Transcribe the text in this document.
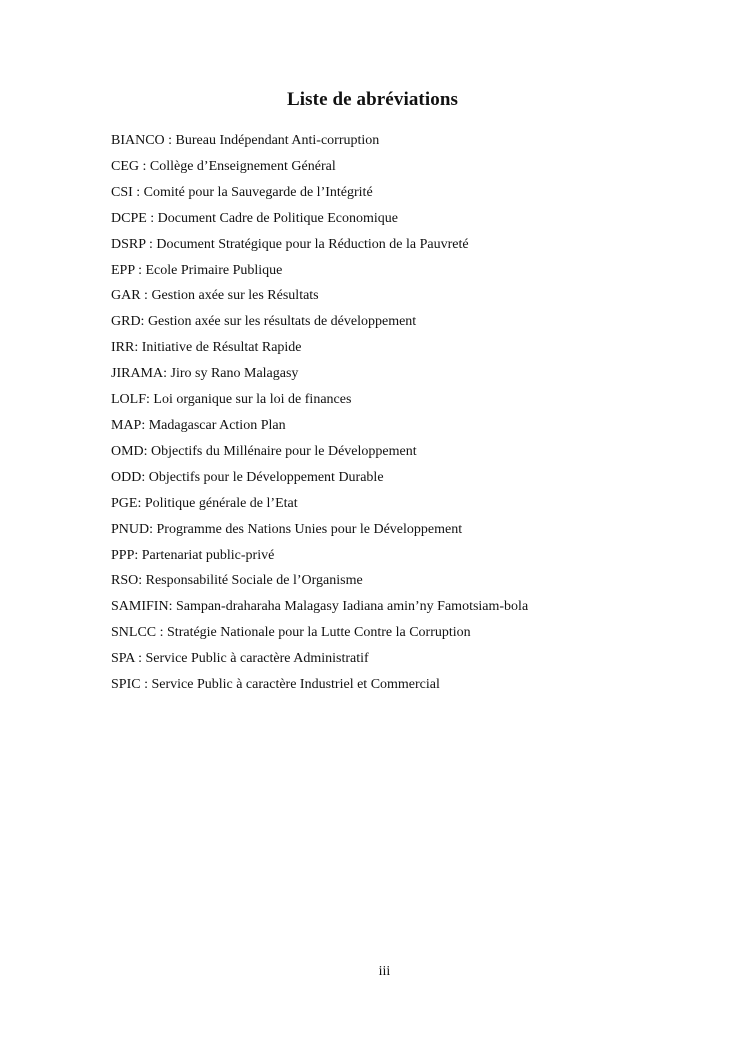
Liste de abréviations
BIANCO : Bureau Indépendant Anti-corruption
CEG : Collège d’Enseignement Général
CSI : Comité pour la Sauvegarde de l’Intégrité
DCPE : Document Cadre de Politique Economique
DSRP : Document Stratégique pour la Réduction de la Pauvreté
EPP : Ecole Primaire Publique
GAR : Gestion axée sur les Résultats
GRD: Gestion axée sur les résultats de développement
IRR: Initiative de Résultat Rapide
JIRAMA: Jiro sy Rano Malagasy
LOLF: Loi organique sur la loi de finances
MAP: Madagascar Action Plan
OMD: Objectifs du Millénaire pour le Développement
ODD: Objectifs pour le Développement Durable
PGE: Politique générale de l’Etat
PNUD: Programme des Nations Unies pour le Développement
PPP: Partenariat public-privé
RSO: Responsabilité Sociale de l’Organisme
SAMIFIN: Sampan-draharaha Malagasy Iadiana amin’ny Famotsiam-bola
SNLCC : Stratégie Nationale pour la Lutte Contre la Corruption
SPA : Service Public à caractère Administratif
SPIC : Service Public à caractère Industriel et Commercial
iii
